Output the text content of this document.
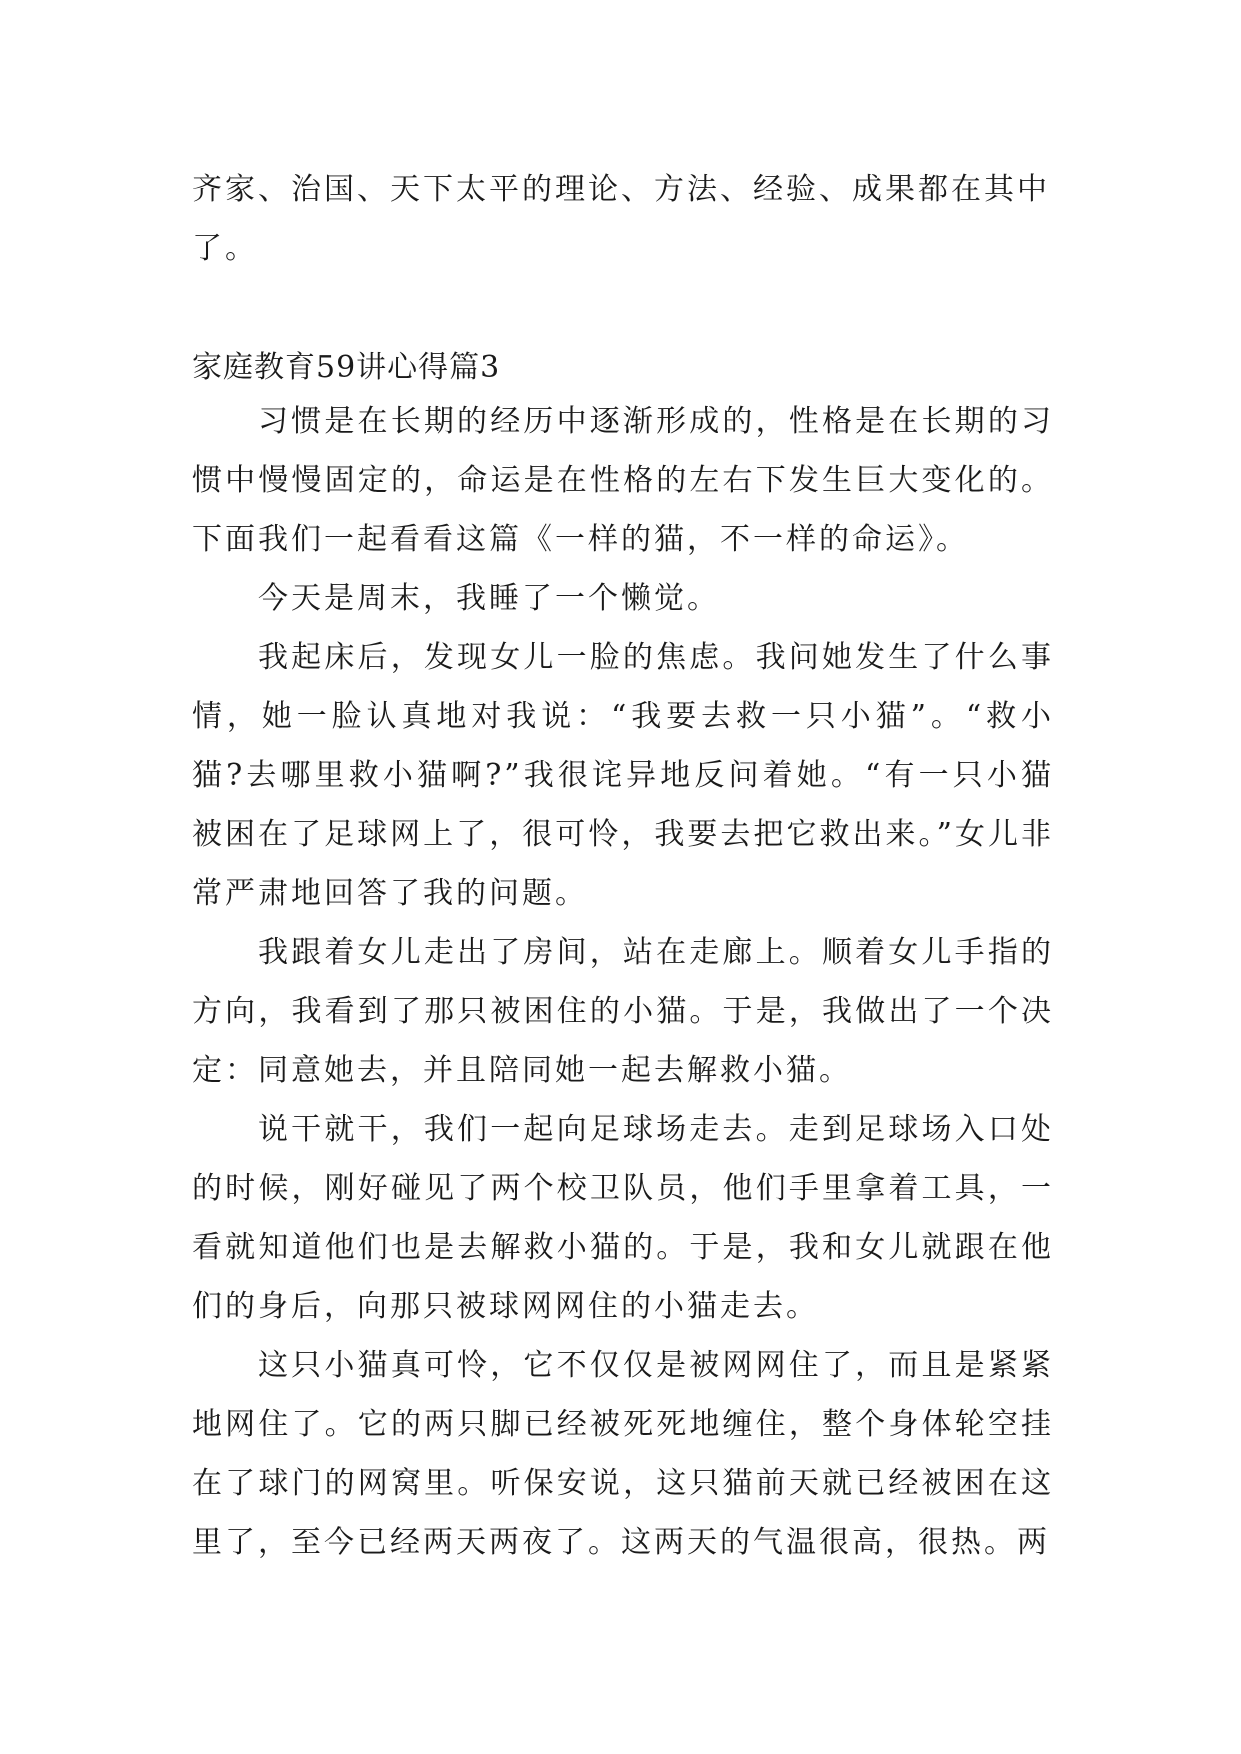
齐家、治国、天下太平的理论、方法、经验、成果都在其中了。

家庭教育59讲心得篇3

习惯是在长期的经历中逐渐形成的，性格是在长期的习惯中慢慢固定的，命运是在性格的左右下发生巨大变化的。下面我们一起看看这篇《一样的猫，不一样的命运》。

今天是周末，我睡了一个懒觉。

我起床后，发现女儿一脸的焦虑。我问她发生了什么事情，她一脸认真地对我说：“我要去救一只小猫”。“救小猫?去哪里救小猫啊?”我很诧异地反问着她。“有一只小猫被困在了足球网上了，很可怜，我要去把它救出来。”女儿非常严肃地回答了我的问题。

我跟着女儿走出了房间，站在走廊上。顺着女儿手指的方向，我看到了那只被困住的小猫。于是，我做出了一个决定：同意她去，并且陪同她一起去解救小猫。

说干就干，我们一起向足球场走去。走到足球场入口处的时候，刚好碰见了两个校卫队员，他们手里拿着工具，一看就知道他们也是去解救小猫的。于是，我和女儿就跟在他们的身后，向那只被球网网住的小猫走去。

这只小猫真可怜，它不仅仅是被网网住了，而且是紧紧地网住了。它的两只脚已经被死死地缠住，整个身体轮空挂在了球门的网窝里。听保安说，这只猫前天就已经被困在这里了，至今已经两天两夜了。这两天的气温很高，很热。两
